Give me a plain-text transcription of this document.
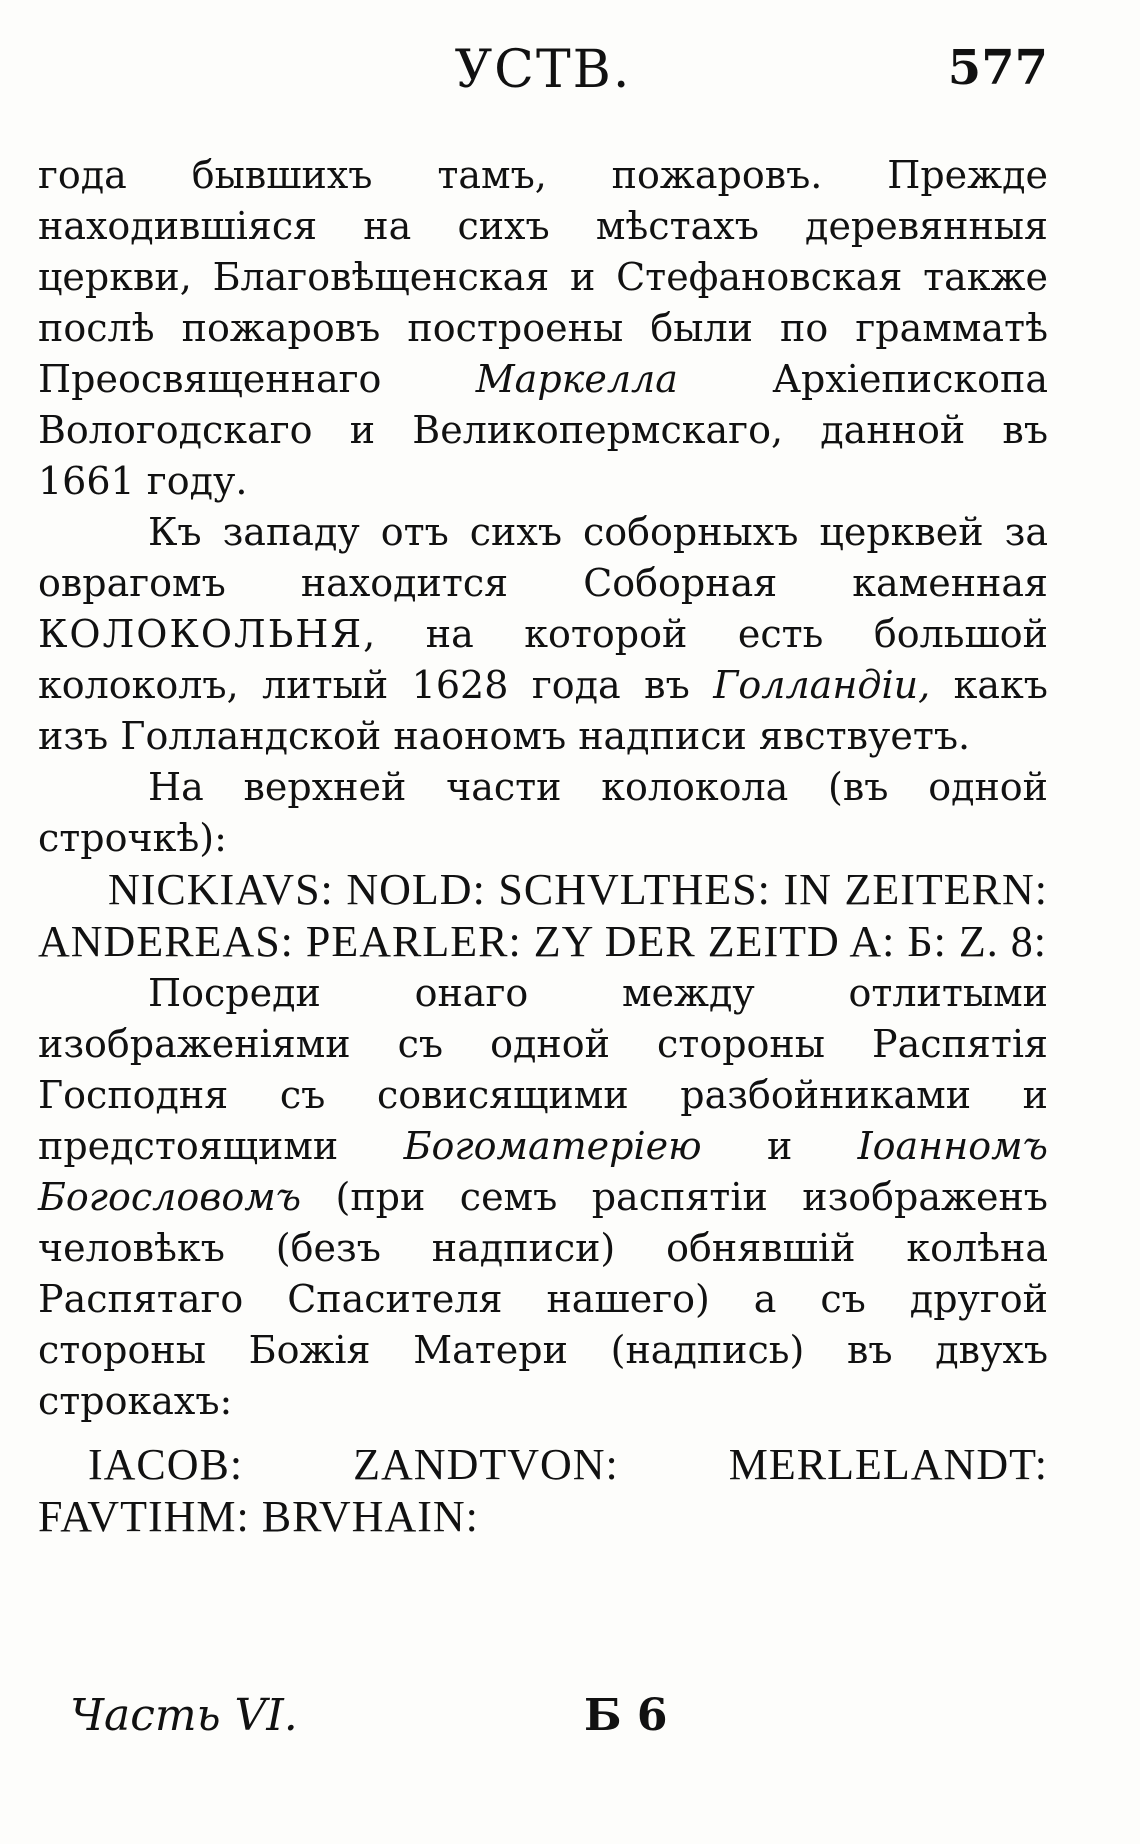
УСТВ.	577

года бывшихъ тамъ, пожаровъ. Прежде находившіяся на сихъ мѣстахъ деревянныя церкви, Благовѣщенская и Стефановская также послѣ пожаровъ построены были по грамматѣ Преосвященнаго Маркелла Архіепископа Вологодскаго и Великопермскаго, данной въ 1661 году.

Къ западу отъ сихъ соборныхъ церквей за оврагомъ находится Соборная каменная КОЛОКОЛЬНЯ, на которой есть большой колоколъ, литый 1628 года въ Голландіи, какъ изъ Голландской наономъ надписи явствуетъ.

На верхней части колокола (въ одной строчкѣ):

NICKIAVS: NOLD: SCHVLTHES: IN ZEITERN: ANDEREAS: PEARLER: ZY DER ZEITD A: Б: Z. 8:

Посреди онаго между отлитыми изображеніями съ одной стороны Распятія Господня съ совисящими разбойниками и предстоящими Богоматеріею и Іоанномъ Богословомъ (при семъ распятіи изображенъ человѣкъ (безъ надписи) обнявшій колѣна Распятаго Спасителя нашего) а съ другой стороны Божія Матери (надпись) въ двухъ строкахъ:

IACOB: ZANDTVON: MERLELANDT: FAVTIHM: BRVHAIN:

Часть VI.	Б 6
